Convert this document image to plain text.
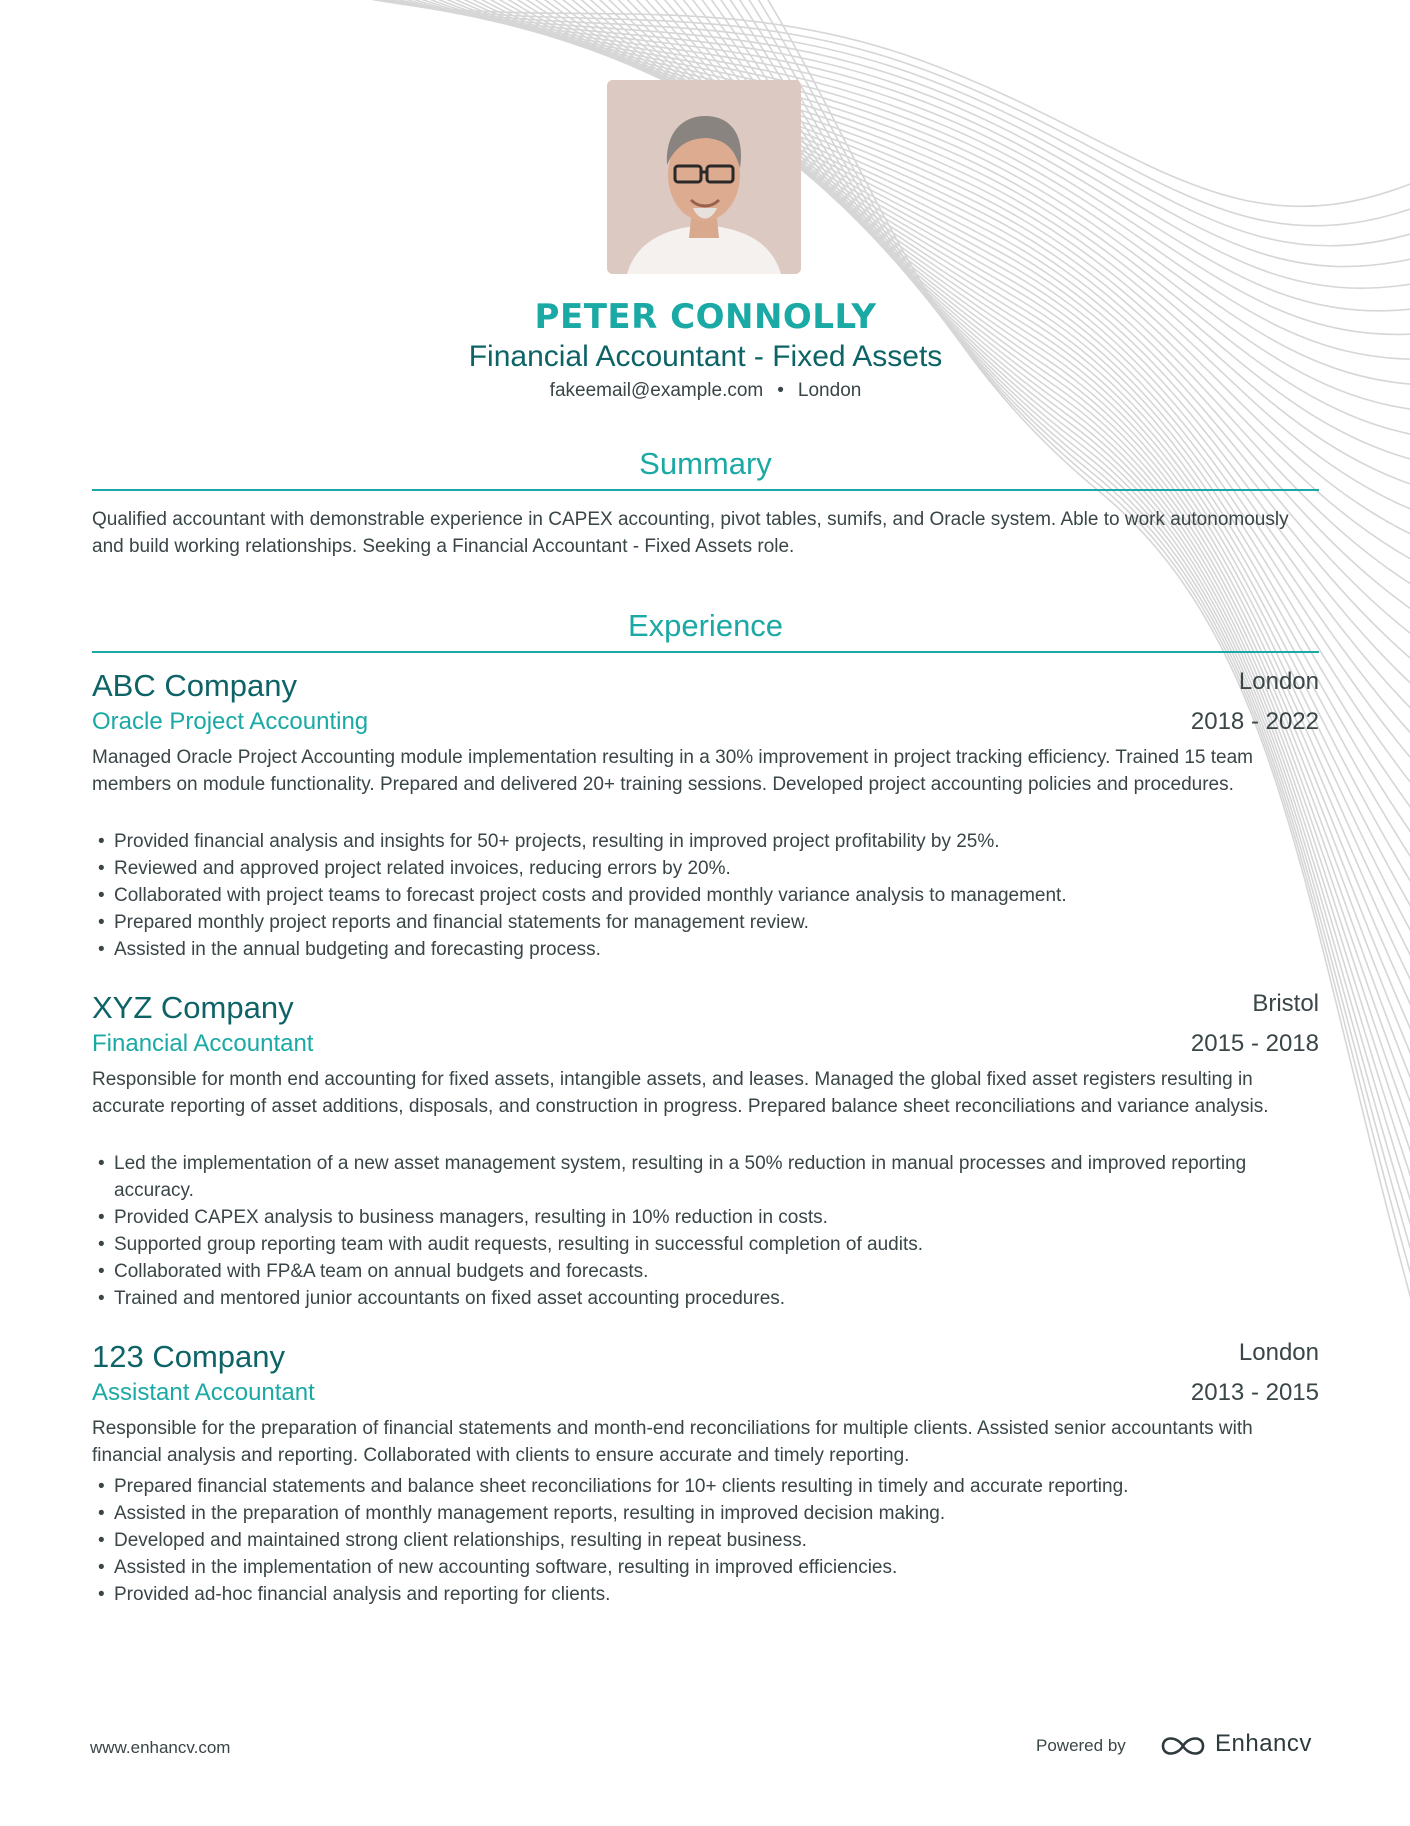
PETER CONNOLLY
Financial Accountant - Fixed Assets
fakeemail@example.com • London
Summary
Qualified accountant with demonstrable experience in CAPEX accounting, pivot tables, sumifs, and Oracle system. Able to work autonomously and build working relationships. Seeking a Financial Accountant - Fixed Assets role.
Experience
ABC Company	London
Oracle Project Accounting	2018 - 2022
Managed Oracle Project Accounting module implementation resulting in a 30% improvement in project tracking efficiency. Trained 15 team members on module functionality. Prepared and delivered 20+ training sessions. Developed project accounting policies and procedures.
• Provided financial analysis and insights for 50+ projects, resulting in improved project profitability by 25%.
• Reviewed and approved project related invoices, reducing errors by 20%.
• Collaborated with project teams to forecast project costs and provided monthly variance analysis to management.
• Prepared monthly project reports and financial statements for management review.
• Assisted in the annual budgeting and forecasting process.
XYZ Company	Bristol
Financial Accountant	2015 - 2018
Responsible for month end accounting for fixed assets, intangible assets, and leases. Managed the global fixed asset registers resulting in accurate reporting of asset additions, disposals, and construction in progress. Prepared balance sheet reconciliations and variance analysis.
• Led the implementation of a new asset management system, resulting in a 50% reduction in manual processes and improved reporting accuracy.
• Provided CAPEX analysis to business managers, resulting in 10% reduction in costs.
• Supported group reporting team with audit requests, resulting in successful completion of audits.
• Collaborated with FP&A team on annual budgets and forecasts.
• Trained and mentored junior accountants on fixed asset accounting procedures.
123 Company	London
Assistant Accountant	2013 - 2015
Responsible for the preparation of financial statements and month-end reconciliations for multiple clients. Assisted senior accountants with financial analysis and reporting. Collaborated with clients to ensure accurate and timely reporting.
• Prepared financial statements and balance sheet reconciliations for 10+ clients resulting in timely and accurate reporting.
• Assisted in the preparation of monthly management reports, resulting in improved decision making.
• Developed and maintained strong client relationships, resulting in repeat business.
• Assisted in the implementation of new accounting software, resulting in improved efficiencies.
• Provided ad-hoc financial analysis and reporting for clients.
www.enhancv.com	Powered by	Enhancv
